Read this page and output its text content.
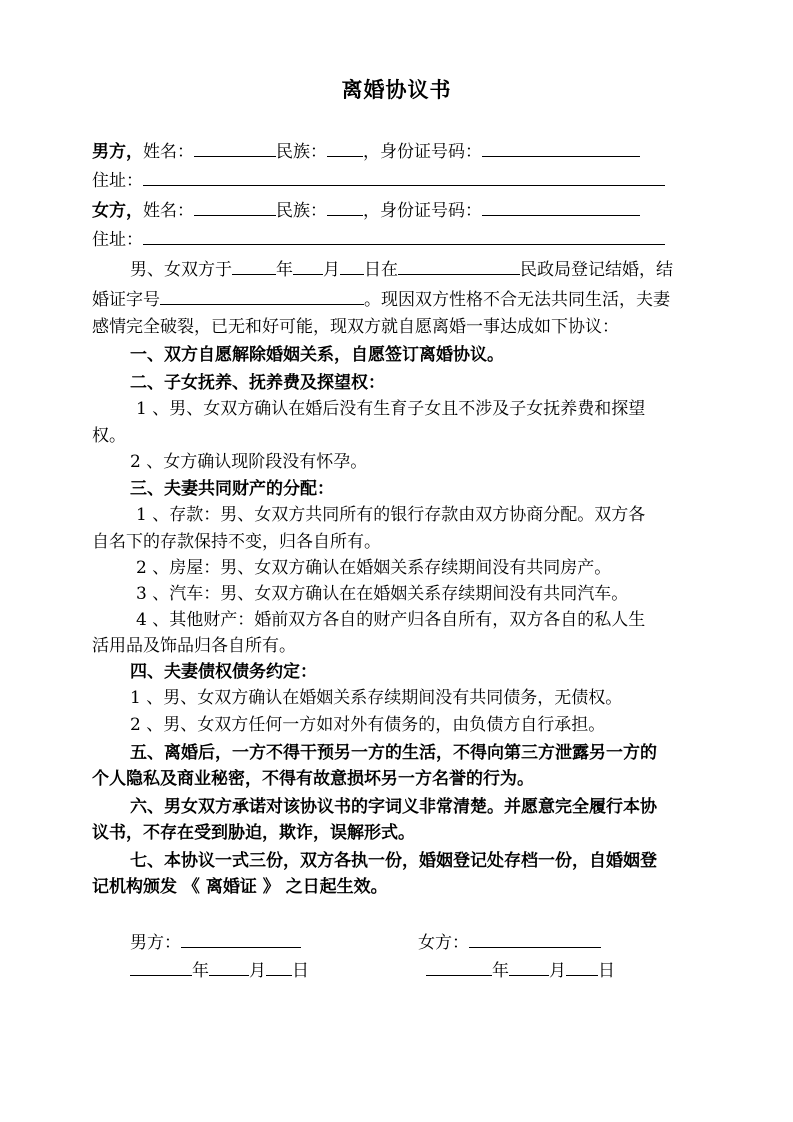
离婚协议书
男方，姓名：	民族： ，身份证号码：
住址：
女方，姓名：	民族： ，身份证号码：
住址：
男、女双方于	年 月 日在	民政局登记结婚，结
婚证字号	。现因双方性格不合无法共同生活，夫妻
感情完全破裂，已无和好可能，现双方就自愿离婚一事达成如下协议：
一、双方自愿解除婚姻关系，自愿签订离婚协议。
二、子女抚养、抚养费及探望权：
1 、男、女双方确认在婚后没有生育子女且不涉及子女抚养费和探望
权。
2 、女方确认现阶段没有怀孕。
三、夫妻共同财产的分配：
1 、存款：男、女双方共同所有的银行存款由双方协商分配。双方各
自名下的存款保持不变，归各自所有。
2 、房屋：男、女双方确认在婚姻关系存续期间没有共同房产。
3 、汽车：男、女双方确认在在婚姻关系存续期间没有共同汽车。
4 、其他财产：婚前双方各自的财产归各自所有，双方各自的私人生
活用品及饰品归各自所有。
四、夫妻债权债务约定：
1 、男、女双方确认在婚姻关系存续期间没有共同债务，无债权。
2 、男、女双方任何一方如对外有债务的，由负债方自行承担。
五、离婚后，一方不得干预另一方的生活，不得向第三方泄露另一方的
个人隐私及商业秘密，不得有故意损坏另一方名誉的行为。
六、男女双方承诺对该协议书的字词义非常清楚。并愿意完全履行本协
议书，不存在受到胁迫，欺诈，误解形式。
七、本协议一式三份，双方各执一份，婚姻登记处存档一份，自婚姻登
记机构颁发 《 离婚证 》 之日起生效。
男方：	女方：
年 月 日	年 月 日
